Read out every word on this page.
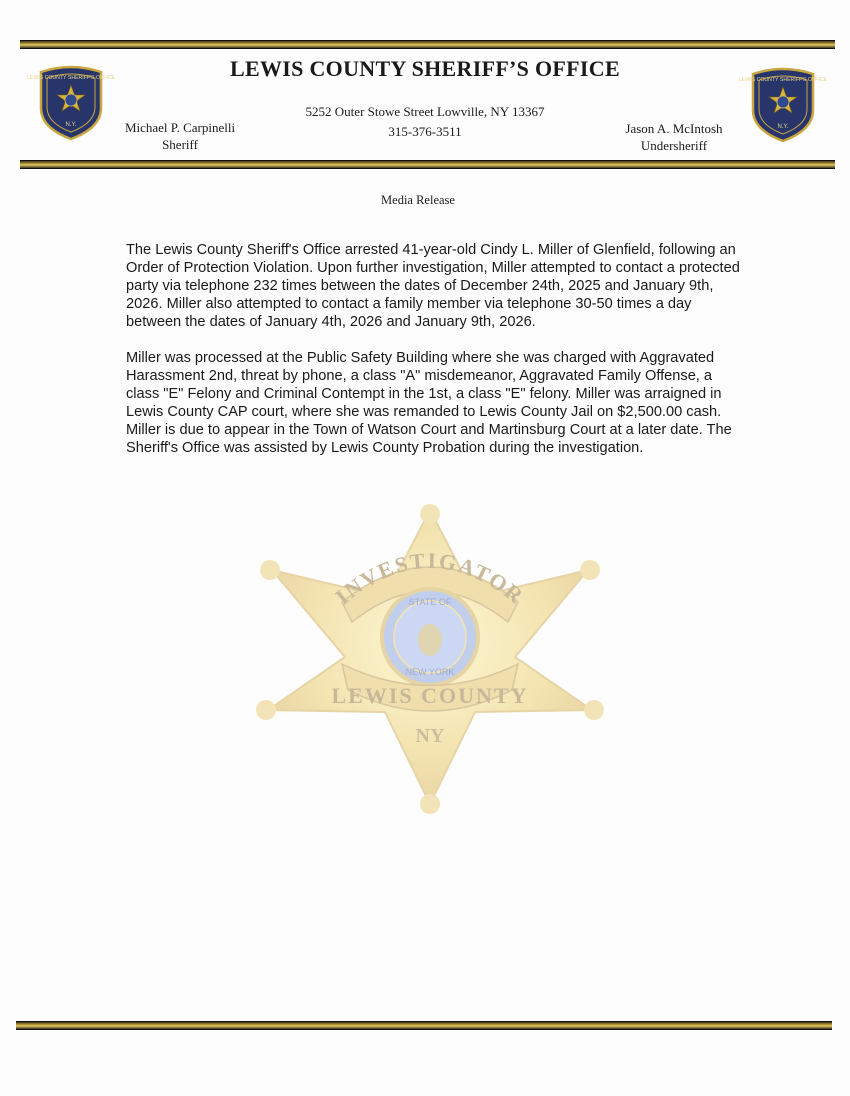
LEWIS COUNTY SHERIFF'S OFFICE
N.Y.
LEWIS COUNTY SHERIFF’S OFFICE
5252 Outer Stowe Street Lowville, NY 13367
315-376-3511
Michael P. Carpinelli
Sheriff
Jason A. McIntosh
Undersheriff
LEWIS COUNTY SHERIFF'S OFFICE
N.Y.
Media Release

The Lewis County Sheriff's Office arrested 41-year-old Cindy L. Miller of Glenfield, following an Order of Protection Violation. Upon further investigation, Miller attempted to contact a protected party via telephone 232 times between the dates of December 24th, 2025 and January 9th, 2026. Miller also attempted to contact a family member via telephone 30-50 times a day between the dates of January 4th, 2026 and January 9th, 2026.

Miller was processed at the Public Safety Building where she was charged with Aggravated Harassment 2nd, threat by phone, a class "A" misdemeanor, Aggravated Family Offense, a class "E" Felony and Criminal Contempt in the 1st, a class "E" felony. Miller was arraigned in Lewis County CAP court, where she was remanded to Lewis County Jail on $2,500.00 cash. Miller is due to appear in the Town of Watson Court and Martinsburg Court at a later date. The Sheriff's Office was assisted by Lewis County Probation during the investigation.

INVESTIGATOR
STATE OF
NEW YORK
LEWIS COUNTY
NY
